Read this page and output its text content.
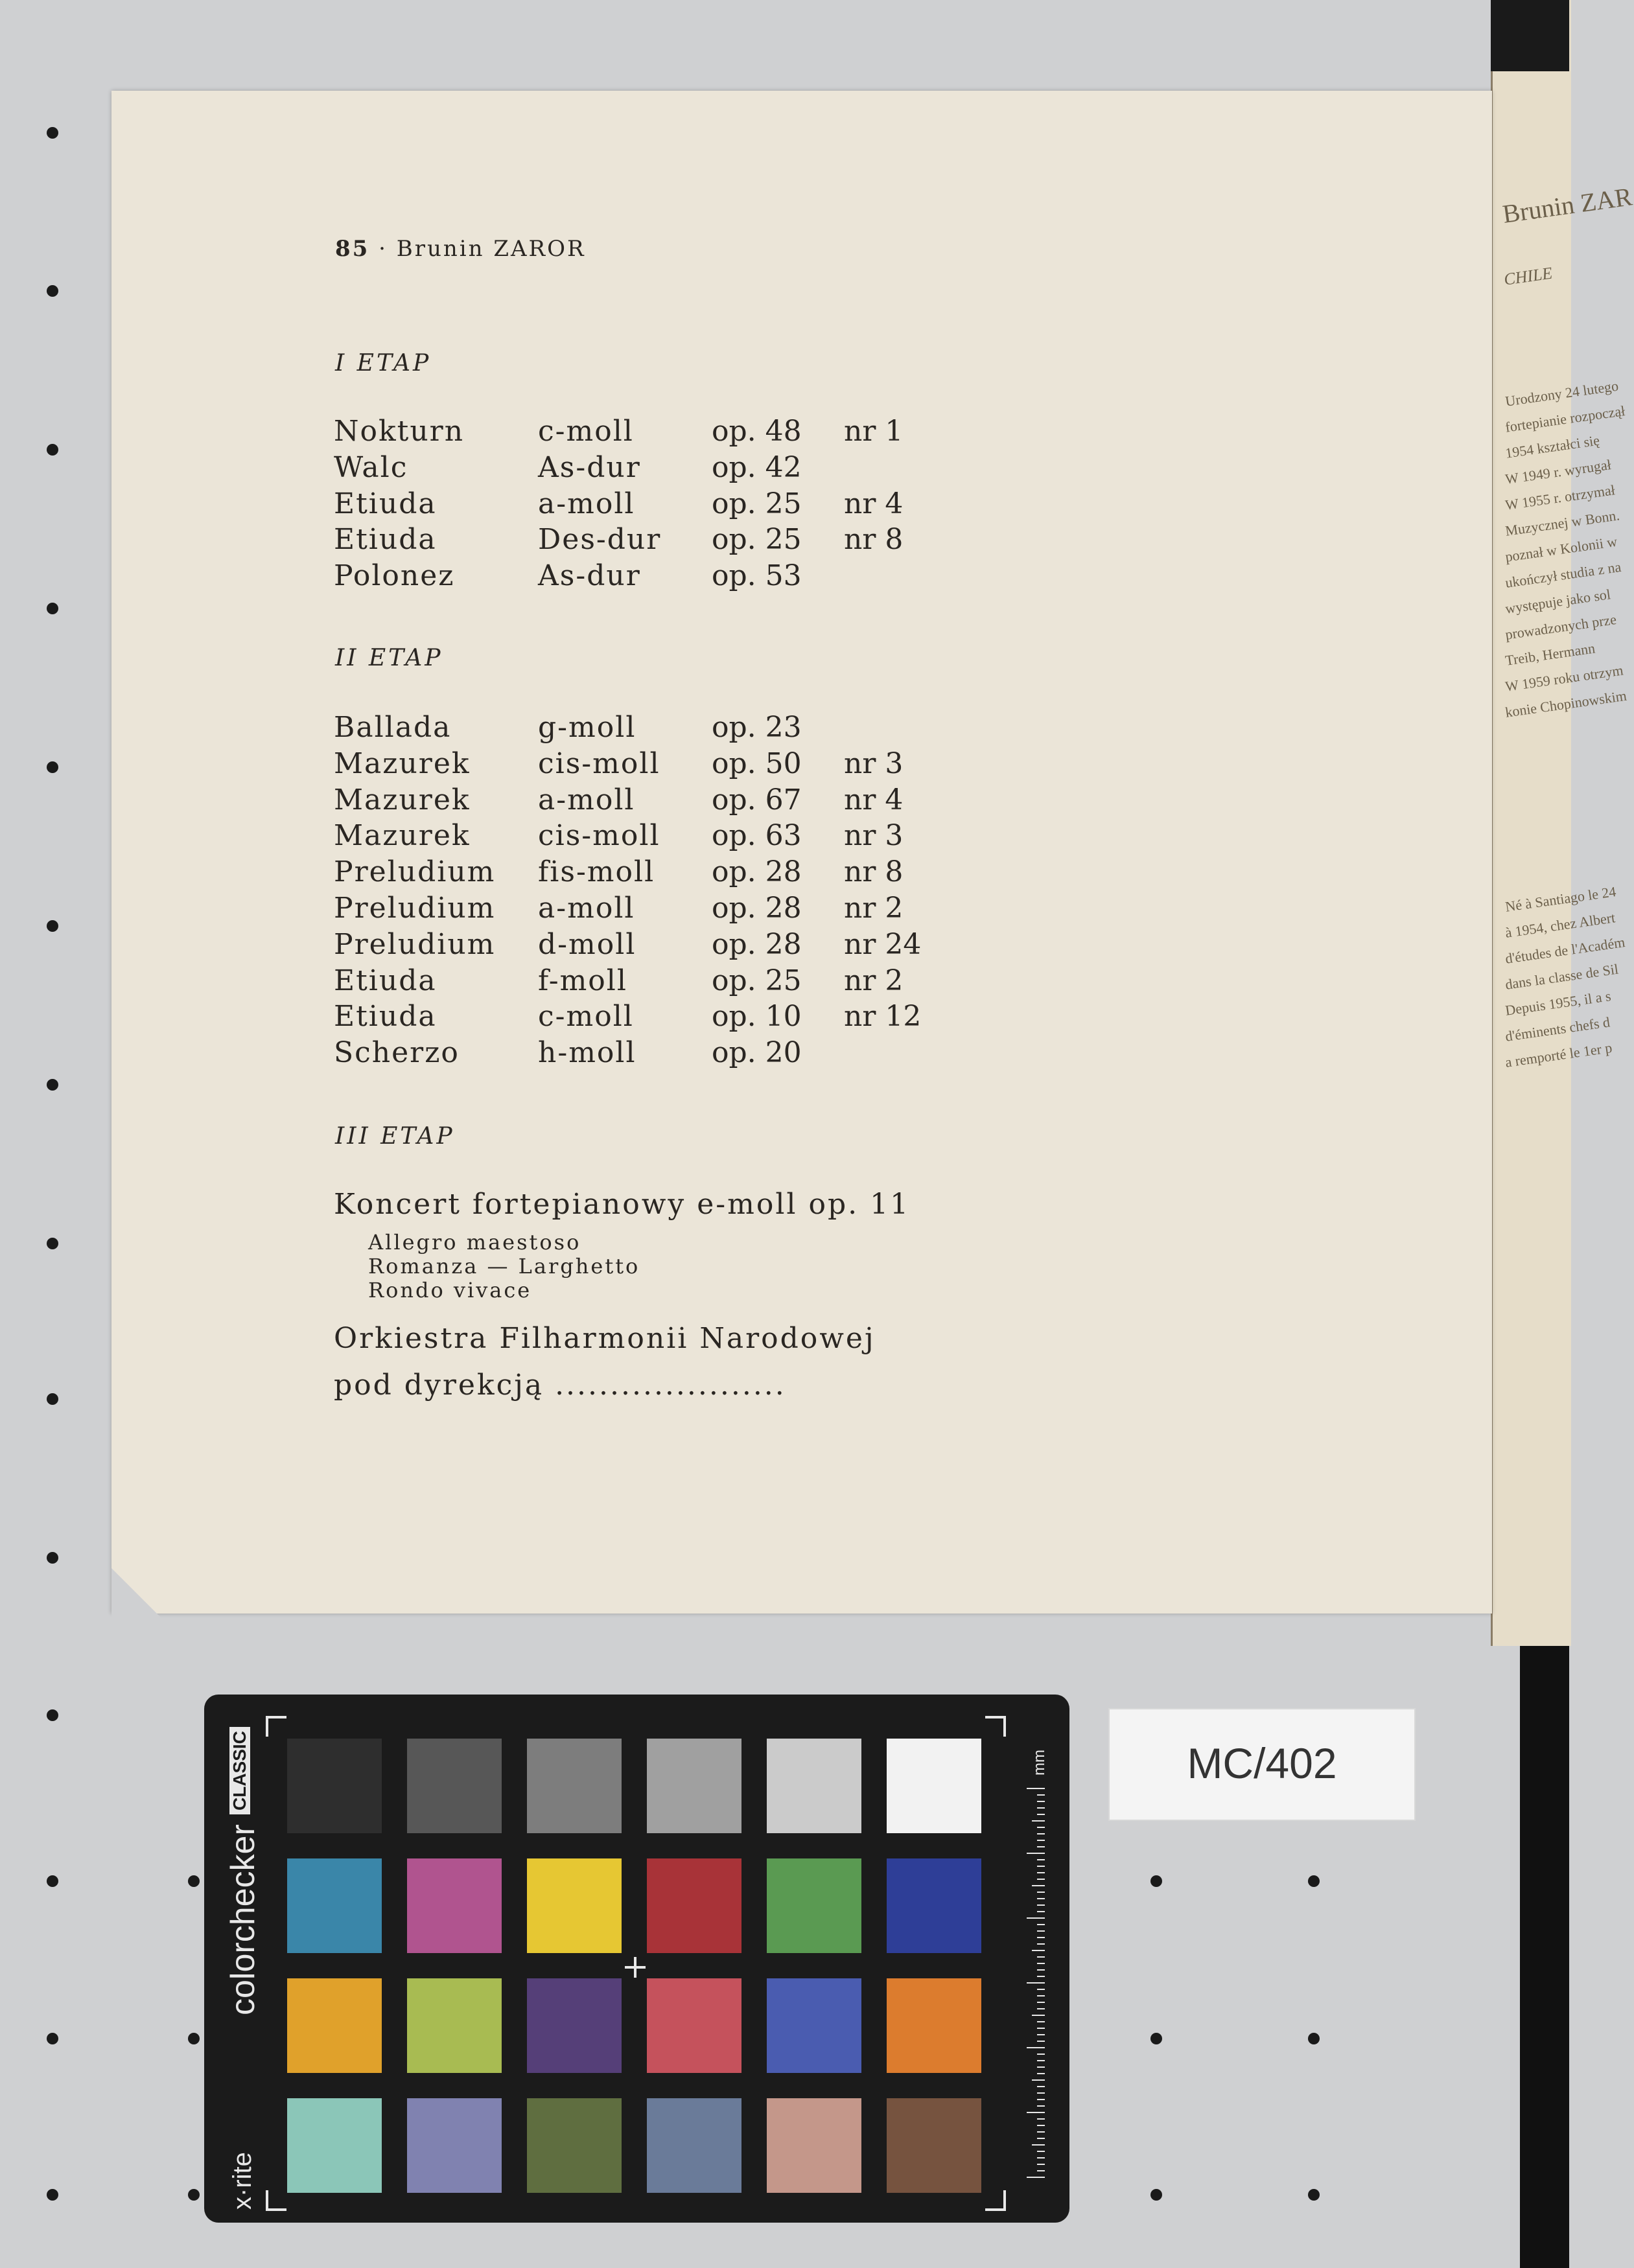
Brunin ZAR
CHILE
Urodzony 24 lutego
fortepianie rozpoczął
1954 kształci się
W 1949 r. wyrugał
W 1955 r. otrzymał
Muzycznej w Bonn.
poznał w Kolonii w
ukończył studia z na
występuje jako sol
prowadzonych prze
Treib, Hermann
W 1959 roku otrzym
konie Chopinowskim
Né à Santiago le 24
à 1954, chez Albert
d'études de l'Académ
dans la classe de Sil
Depuis 1955, il a s
d'éminents chefs d
a remporté le 1er p
85 · Brunin ZAROR
I ETAP
Nokturn	c-moll	op. 48 nr 1
Walc	As-dur op. 42
Etiuda	a-moll	op. 25 nr 4
Etiuda	Des-dur op. 25 nr 8
Polonez	As-dur op. 53
II ETAP
Ballada	g-moll	op. 23
Mazurek cis-moll op. 50 nr 3
Mazurek a-moll	op. 67 nr 4
Mazurek cis-moll op. 63 nr 3
Preludium fis-moll op. 28 nr 8
Preludium a-moll	op. 28 nr 2
Preludium d-moll	op. 28 nr 24
Etiuda	f-moll	op. 25 nr 2
Etiuda	c-moll	op. 10 nr 12
Scherzo	h-moll	op. 20
III ETAP
Koncert fortepianowy e-moll op. 11
Allegro maestoso
Romanza — Larghetto
Rondo vivace
Orkiestra Filharmonii Narodowej
pod dyrekcją .....................
colorchecker
CLASSIC
x·rite
mm	MC/402
